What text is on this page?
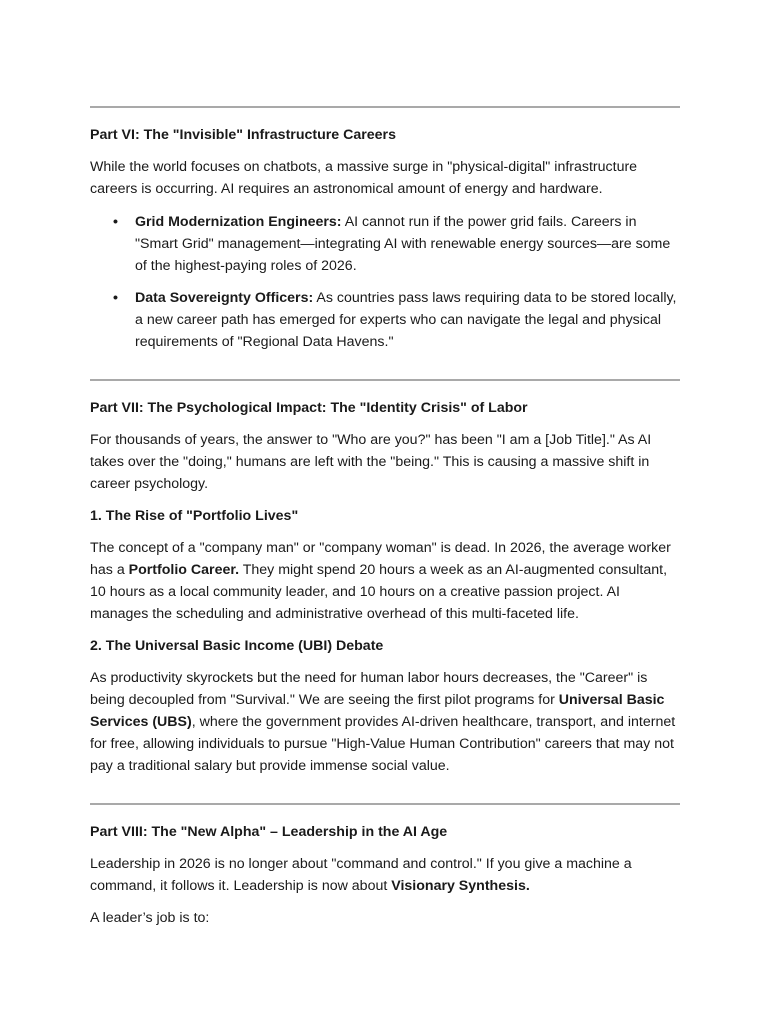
Part VI: The "Invisible" Infrastructure Careers

While the world focuses on chatbots, a massive surge in "physical-digital" infrastructure careers is occurring. AI requires an astronomical amount of energy and hardware.

• Grid Modernization Engineers: AI cannot run if the power grid fails. Careers in "Smart Grid" management—integrating AI with renewable energy sources—are some of the highest-paying roles of 2026.
• Data Sovereignty Officers: As countries pass laws requiring data to be stored locally, a new career path has emerged for experts who can navigate the legal and physical requirements of "Regional Data Havens."
Part VII: The Psychological Impact: The "Identity Crisis" of Labor

For thousands of years, the answer to "Who are you?" has been "I am a [Job Title]." As AI takes over the "doing," humans are left with the "being." This is causing a massive shift in career psychology.

1. The Rise of "Portfolio Lives"

The concept of a "company man" or "company woman" is dead. In 2026, the average worker has a Portfolio Career. They might spend 20 hours a week as an AI-augmented consultant, 10 hours as a local community leader, and 10 hours on a creative passion project. AI manages the scheduling and administrative overhead of this multi-faceted life.

2. The Universal Basic Income (UBI) Debate

As productivity skyrockets but the need for human labor hours decreases, the "Career" is being decoupled from "Survival." We are seeing the first pilot programs for Universal Basic Services (UBS), where the government provides AI-driven healthcare, transport, and internet for free, allowing individuals to pursue "High-Value Human Contribution" careers that may not pay a traditional salary but provide immense social value.

Part VIII: The "New Alpha" – Leadership in the AI Age

Leadership in 2026 is no longer about "command and control." If you give a machine a command, it follows it. Leadership is now about Visionary Synthesis.

A leader’s job is to:
